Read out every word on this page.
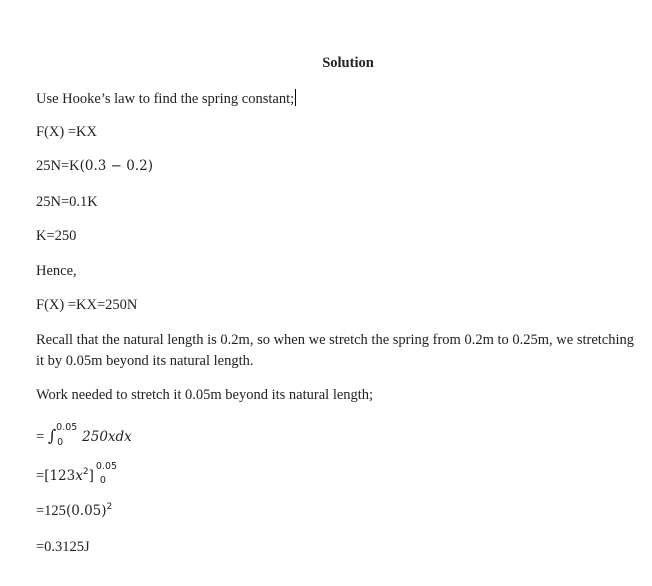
Solution
Use Hooke’s law to find the spring constant;
F(X) =KX
25N=K(0.3 − 0.2)
25N=0.1K
K=250
Hence,
F(X) =KX=250N
Recall that the natural length is 0.2m, so when we stretch the spring from 0.2m to 0.25m, we stretching it by 0.05m beyond its natural length.
Work needed to stretch it 0.05m beyond its natural length;
= ∫ 0.05
0 250xdx
$=[123x^2]$
0.05
0
$=125(0.05)^2$
=0.3125J
